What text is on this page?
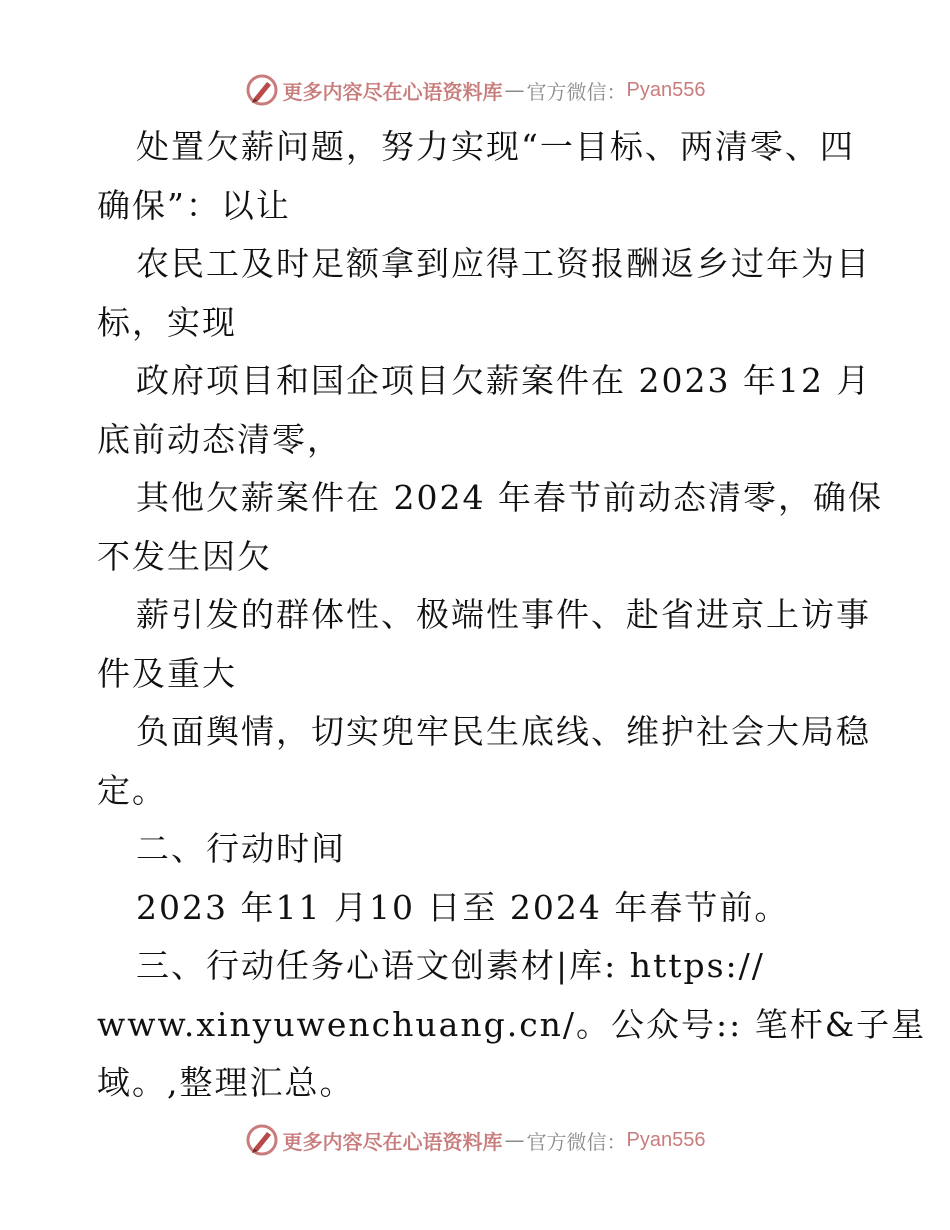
更多内容尽在心语资料库 — 官方微信： Pyan556

处置欠薪问题，努力实现“一目标、两清零、四

确保”：以让

农民工及时足额拿到应得工资报酬返乡过年为目

标，实现

政府项目和国企项目欠薪案件在 2023 年12 月

底前动态清零，

其他欠薪案件在 2024 年春节前动态清零，确保

不发生因欠

薪引发的群体性、极端性事件、赴省进京上访事

件及重大

负面舆情，切实兜牢民生底线、维护社会大局稳

定。

二、行动时间

2023 年11 月10 日至 2024 年春节前。

三、行动任务心语文创素材|库: https://

www.xinyuwenchuang.cn/。公众号:: 笔杆&子星

域。,整理汇总。

更多内容尽在心语资料库 — 官方微信： Pyan556
